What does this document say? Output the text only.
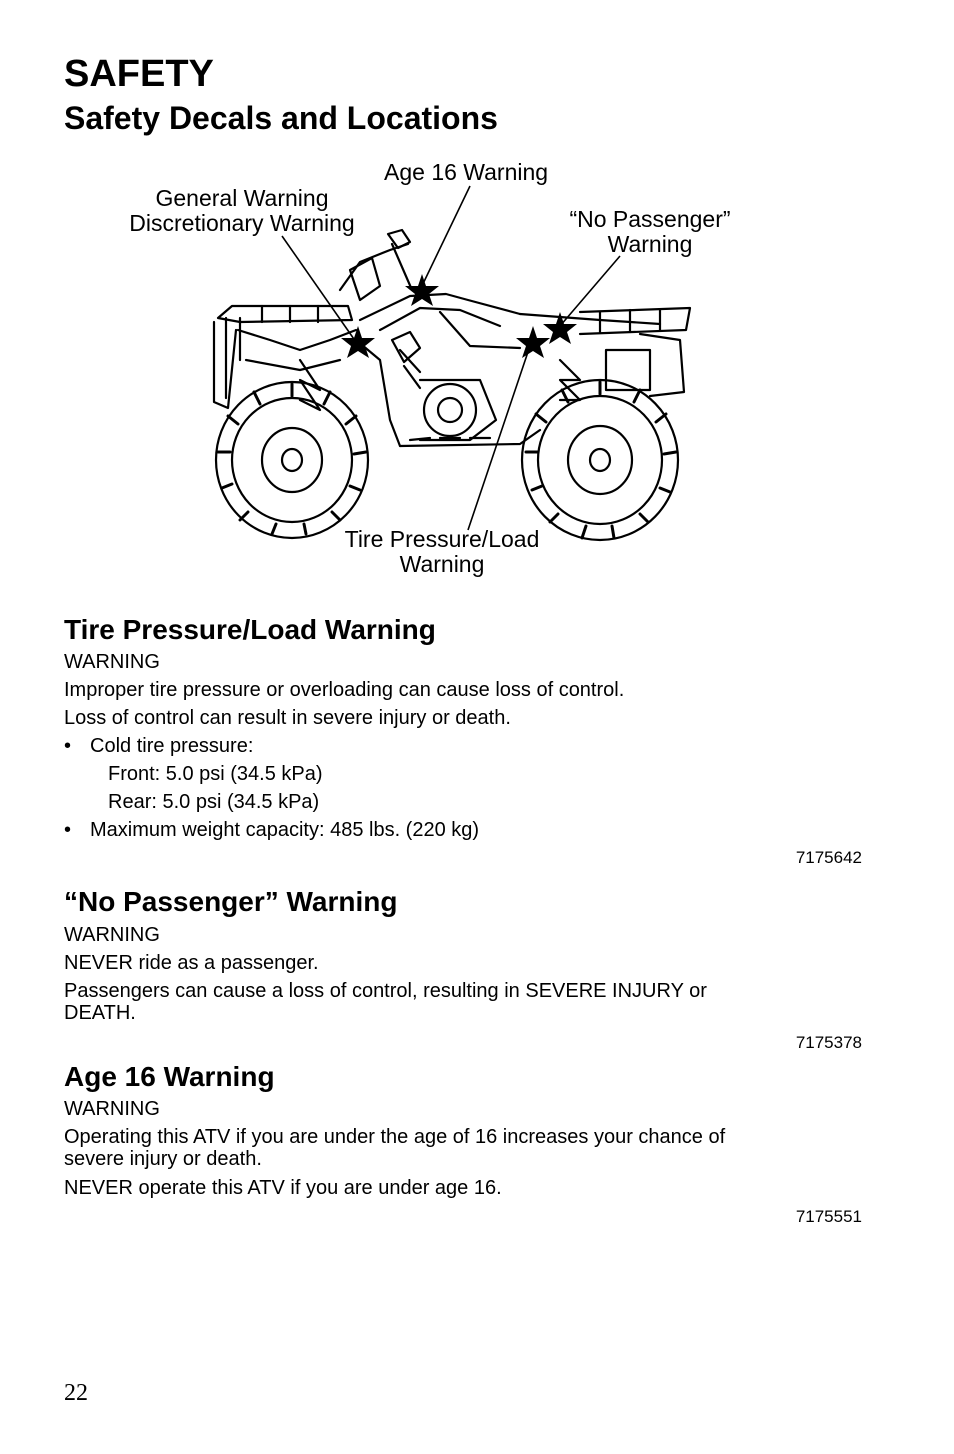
SAFETY
Safety Decals and Locations
Age 16 Warning
General Warning
Discretionary Warning	“No Passenger”
Warning
Tire Pressure/Load
Warning
Tire Pressure/Load Warning
WARNING
Improper tire pressure or overloading can cause loss of control.
Loss of control can result in severe injury or death.
• Cold tire pressure:
Front: 5.0 psi (34.5 kPa)
Rear: 5.0 psi (34.5 kPa)
• Maximum weight capacity: 485 lbs. (220 kg)
7175642
“No Passenger” Warning
WARNING
NEVER ride as a passenger.
Passengers can cause a loss of control, resulting in SEVERE INJURY or
DEATH.
7175378
Age 16 Warning
WARNING
Operating this ATV if you are under the age of 16 increases your chance of
severe injury or death.
NEVER operate this ATV if you are under age 16.
7175551
22
